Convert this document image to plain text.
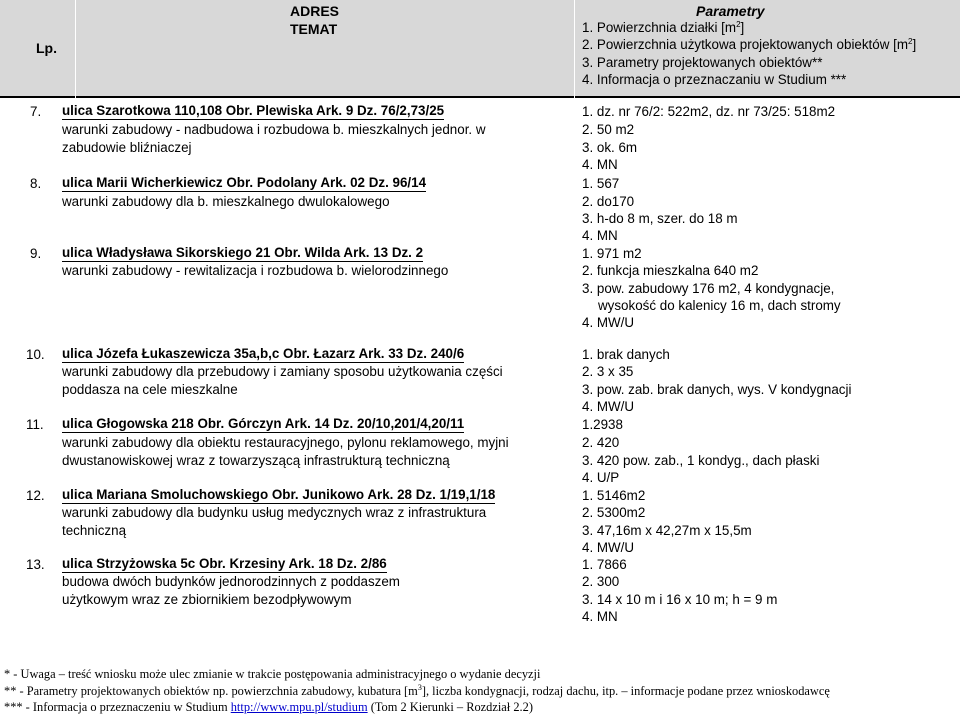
Lp.
ADRES
TEMAT
Parametry
1. Powierzchnia działki $[m^2]$
2. Powierzchnia użytkowa projektowanych obiektów $[m^2]$
3. Parametry projektowanych obiektów**
4. Informacja o przeznaczaniu w Studium ***
7. ulica Szarotkowa 110,108 Obr. Plewiska Ark. 9 Dz. 76/2,73/25
warunki zabudowy - nadbudowa i rozbudowa b. mieszkalnych jednor. w
zabudowie bliźniaczej
1. dz. nr 76/2: 522m2, dz. nr 73/25: 518m2
2. 50 m2
3. ok. 6m
4. MN
8. ulica Marii Wicherkiewicz Obr. Podolany Ark. 02 Dz. 96/14
warunki zabudowy dla b. mieszkalnego dwulokalowego
1. 567
2. do170
3. h-do 8 m, szer. do 18 m
4. MN
9. ulica Władysława Sikorskiego 21 Obr. Wilda Ark. 13 Dz. 2
warunki zabudowy - rewitalizacja i rozbudowa b. wielorodzinnego
1. 971 m2
2. funkcja mieszkalna 640 m2
3. pow. zabudowy 176 m2, 4 kondygnacje,
wysokość do kalenicy 16 m, dach stromy
4. MW/U
10. ulica Józefa Łukaszewicza 35a,b,c Obr. Łazarz Ark. 33 Dz. 240/6
warunki zabudowy dla przebudowy i zamiany sposobu użytkowania części
poddasza na cele mieszkalne
1. brak danych
2. 3 x 35
3. pow. zab. brak danych, wys. V kondygnacji
4. MW/U
11. ulica Głogowska 218 Obr. Górczyn Ark. 14 Dz. 20/10,201/4,20/11
warunki zabudowy dla obiektu restauracyjnego, pylonu reklamowego, myjni
dwustanowiskowej wraz z towarzyszącą infrastrukturą techniczną
1.2938
2. 420
3. 420 pow. zab., 1 kondyg., dach płaski
4. U/P
12. ulica Mariana Smoluchowskiego Obr. Junikowo Ark. 28 Dz. 1/19,1/18
warunki zabudowy dla budynku usług medycznych wraz z infrastruktura
techniczną
1. 5146m2
2. 5300m2
3. 47,16m x 42,27m x 15,5m
4. MW/U
13. ulica Strzyżowska 5c Obr. Krzesiny Ark. 18 Dz. 2/86
budowa dwóch budynków jednorodzinnych z poddaszem
użytkowym wraz ze zbiornikiem bezodpływowym
1. 7866
2. 300
3. 14 x 10 m i 16 x 10 m; h = 9 m
4. MN
* - Uwaga – treść wniosku może ulec zmianie w trakcie postępowania administracyjnego o wydanie decyzji
** - Parametry projektowanych obiektów np. powierzchnia zabudowy, kubatura $[m^3]$, liczba kondygnacji, rodzaj dachu, itp. – informacje podane przez wnioskodawcę
*** - Informacja o przeznaczeniu w Studium http://www.mpu.pl/studium (Tom 2 Kierunki – Rozdział 2.2)
